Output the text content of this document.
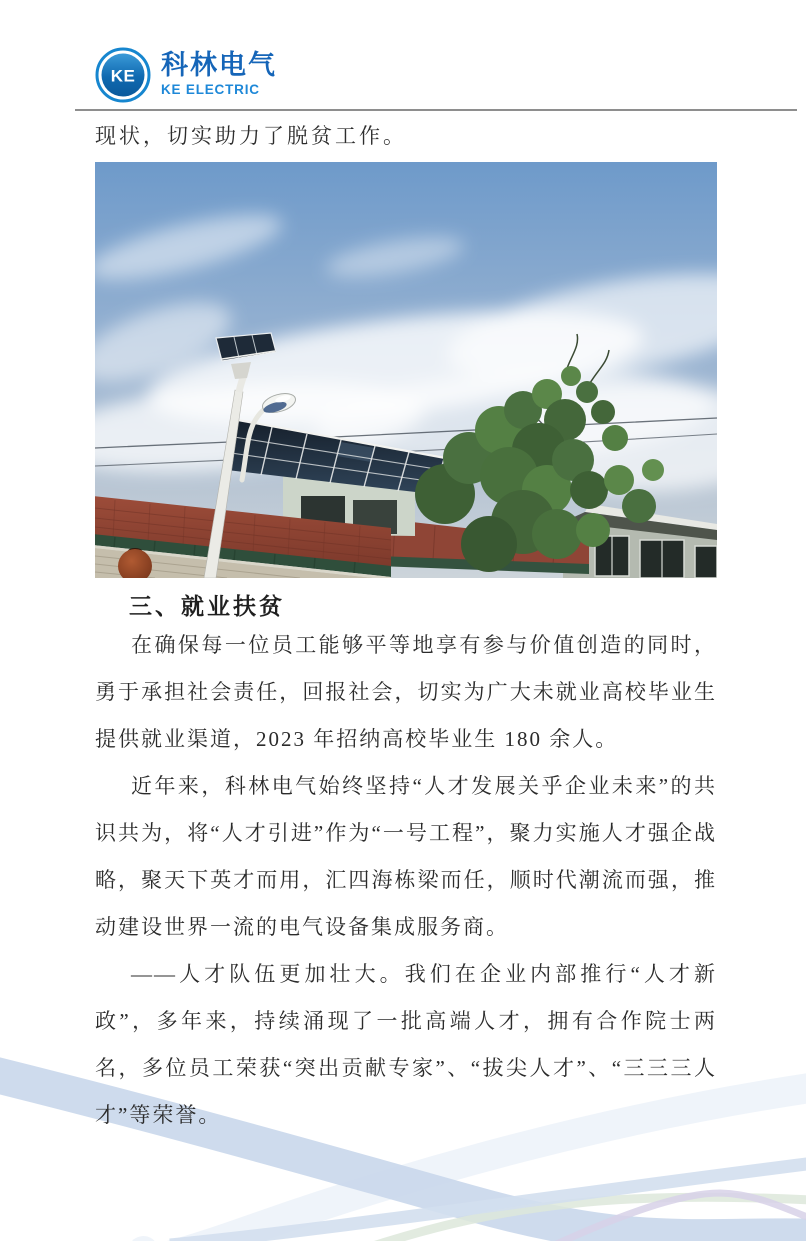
KE 科林电气
KE ELECTRIC

现状，切实助力了脱贫工作。

三、就业扶贫

在确保每一位员工能够平等地享有参与价值创造的同时，勇于承担社会责任，回报社会，切实为广大未就业高校毕业生提供就业渠道，2023 年招纳高校毕业生 180 余人。

近年来，科林电气始终坚持“人才发展关乎企业未来”的共识共为，将“人才引进”作为“一号工程”，聚力实施人才强企战略，聚天下英才而用，汇四海栋梁而任，顺时代潮流而强，推动建设世界一流的电气设备集成服务商。

——人才队伍更加壮大。我们在企业内部推行“人才新政”，多年来，持续涌现了一批高端人才，拥有合作院士两名，多位员工荣获“突出贡献专家”、“拔尖人才”、“三三三人才”等荣誉。
